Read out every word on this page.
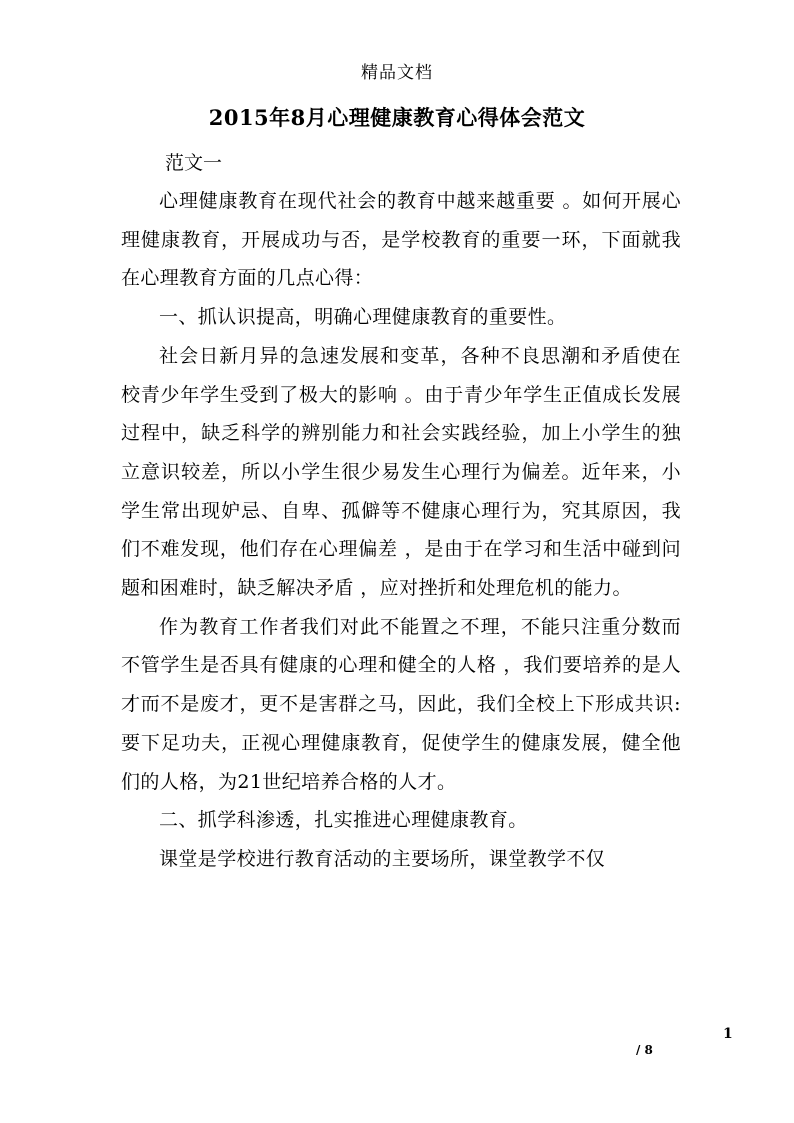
精品文档
2015年8月心理健康教育心得体会范文
范文一

心理健康教育在现代社会的教育中越来越重要 。如何开展心理健康教育，开展成功与否，是学校教育的重要一环，下面就我在心理教育方面的几点心得：

一、抓认识提高，明确心理健康教育的重要性。

社会日新月异的急速发展和变革，各种不良思潮和矛盾使在校青少年学生受到了极大的影响 。由于青少年学生正值成长发展过程中，缺乏科学的辨别能力和社会实践经验，加上小学生的独立意识较差，所以小学生很少易发生心理行为偏差。近年来，小学生常出现妒忌、自卑、孤僻等不健康心理行为，究其原因，我们不难发现，他们存在心理偏差 ，是由于在学习和生活中碰到问题和困难时，缺乏解决矛盾 ，应对挫折和处理危机的能力。

作为教育工作者我们对此不能置之不理，不能只注重分数而不管学生是否具有健康的心理和健全的人格 ，我们要培养的是人才而不是废才，更不是害群之马，因此，我们全校上下形成共识:要下足功夫，正视心理健康教育，促使学生的健康发展，健全他们的人格，为21世纪培养合格的人才。

二、抓学科渗透，扎实推进心理健康教育。

课堂是学校进行教育活动的主要场所，课堂教学不仅

1
/ 8
